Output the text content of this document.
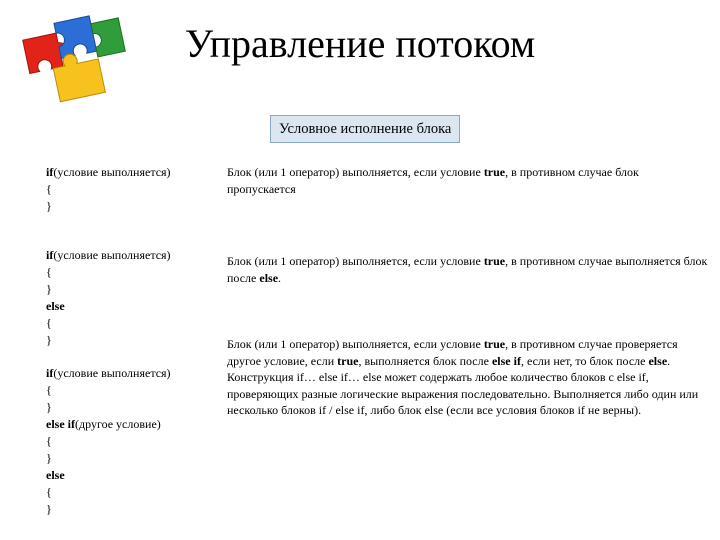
Управление потоком
Условное исполнение блока
if(условие выполняется)
{
}
Блок (или 1 оператор) выполняется, если условие true, в противном случае блок пропускается
if(условие выполняется)
{
}
else
{
}
Блок (или 1 оператор) выполняется, если условие true, в противном случае выполняется блок после else.
if(условие выполняется)
{
}
else if(другое условие)
{
}
else
{
}
Блок (или 1 оператор) выполняется, если условие true, в противном случае проверяется другое условие, если true, выполняется блок после else if, если нет, то блок после else.
Конструкция if… else if… else может содержать любое количество блоков с else if, проверяющих разные логические выражения последовательно. Выполняется либо один или несколько блоков if / else if, либо блок else (если все условия блоков if не верны).
